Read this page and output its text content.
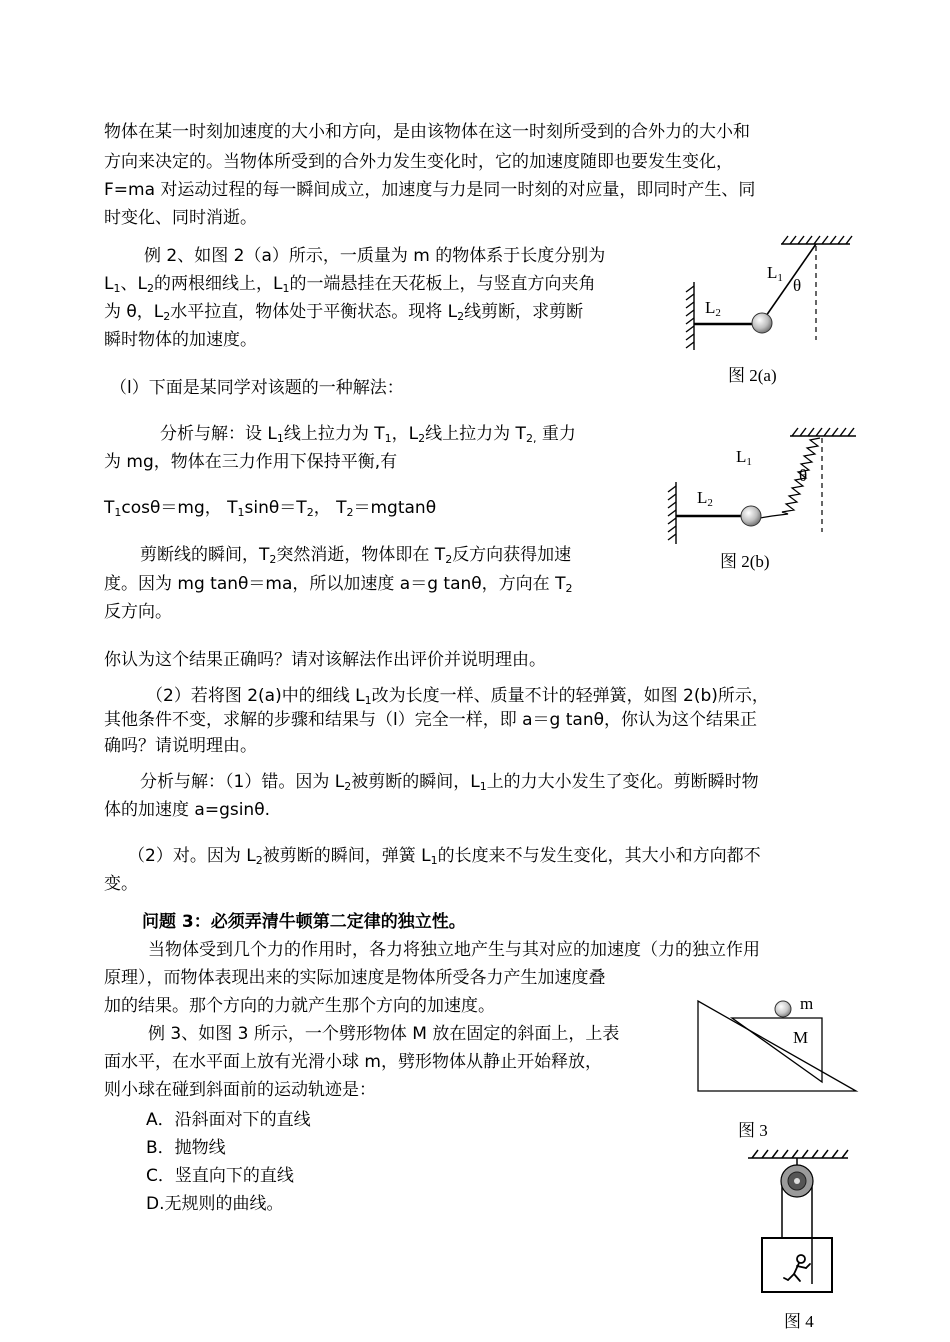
物体在某一时刻加速度的大小和方向，是由该物体在这一时刻所受到的合外力的大小和
方向来决定的。当物体所受到的合外力发生变化时，它的加速度随即也要发生变化，
F=ma 对运动过程的每一瞬间成立，加速度与力是同一时刻的对应量，即同时产生、同
时变化、同时消逝。
例 2、如图 2（a）所示，一质量为 m 的物体系于长度分别为
$L_1$、$L_2$的两根细线上，$L_1$的一端悬挂在天花板上，与竖直方向夹角
为 θ，$L_2$水平拉直，物体处于平衡状态。现将 $L_2$线剪断，求剪断
瞬时物体的加速度。
（l）下面是某同学对该题的一种解法：
分析与解：设 $L_1$线上拉力为 $T_1$，$L_2$线上拉力为 $T_{2,}$ 重力
为 mg，物体在三力作用下保持平衡,有
$T_1\cos\theta=mg$， $T_1\sin\theta=T_2$， $T_2=mgtan\theta$
剪断线的瞬间，$T_2$突然消逝，物体即在 $T_2$反方向获得加速
度。因为 mg tanθ＝ma，所以加速度 a＝g tanθ，方向在 $T_2$
反方向。
你认为这个结果正确吗？请对该解法作出评价并说明理由。
（2）若将图 2(a)中的细线 $L_1$改为长度一样、质量不计的轻弹簧，如图 2(b)所示，
其他条件不变，求解的步骤和结果与（l）完全一样，即 a＝g tanθ，你认为这个结果正
确吗？请说明理由。
分析与解：（1）错。因为 $L_2$被剪断的瞬间，$L_1$上的力大小发生了变化。剪断瞬时物
体的加速度 a=gsinθ.
（2）对。因为 $L_2$被剪断的瞬间，弹簧 $L_1$的长度来不与发生变化，其大小和方向都不
变。
问题 3：必须弄清牛顿第二定律的独立性。
当物体受到几个力的作用时，各力将独立地产生与其对应的加速度（力的独立作用
原理），而物体表现出来的实际加速度是物体所受各力产生加速度叠
加的结果。那个方向的力就产生那个方向的加速度。
例 3、如图 3 所示，一个劈形物体 M 放在固定的斜面上，上表
面水平，在水平面上放有光滑小球 m，劈形物体从静止开始释放，
则小球在碰到斜面前的运动轨迹是：
A．沿斜面对下的直线
B．抛物线
C．竖直向下的直线
D.无规则的曲线。
$L_1$ θ
$L_2$
图 2(a)
$L_1$
θ
$L_2$
图 2(b)
m
M
图 3
图 4
